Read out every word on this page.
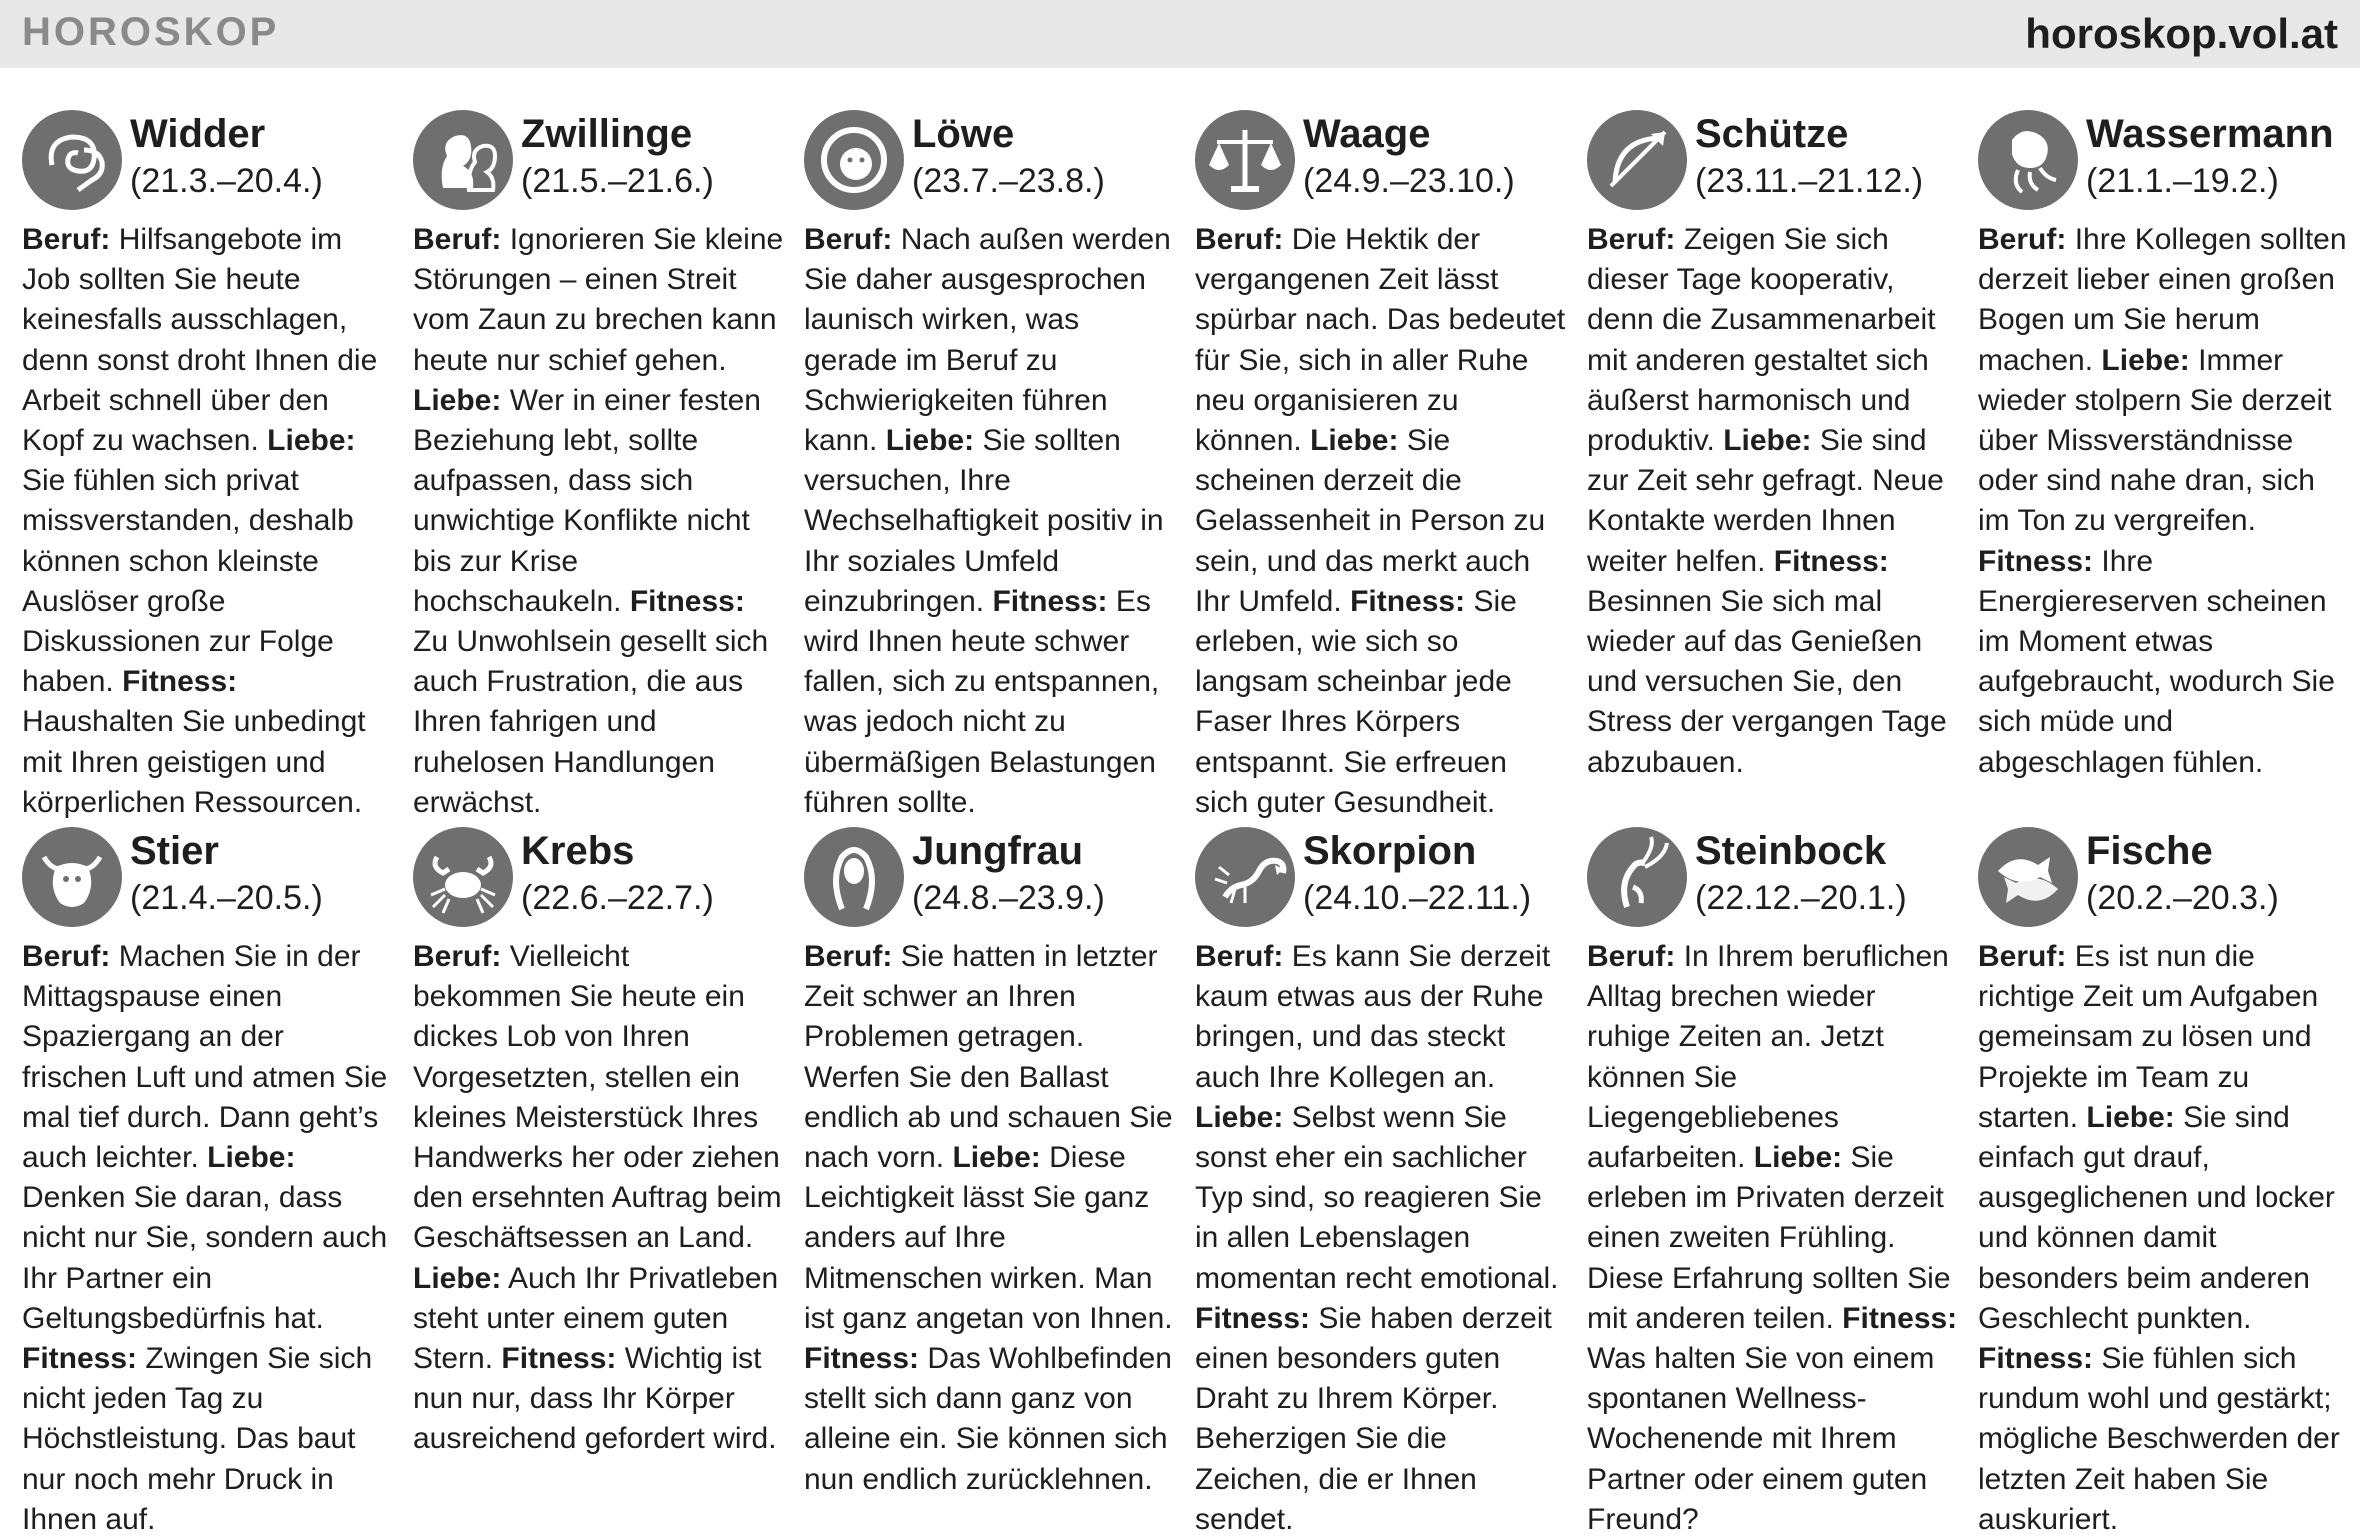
HOROSKOP	horoskop.vol.at
Widder
(21.3.–20.4.)
Beruf: Hilfsangebote im Job sollten Sie heute keinesfalls ausschlagen, denn sonst droht Ihnen die Arbeit schnell über den Kopf zu wachsen. Liebe: Sie fühlen sich privat missverstanden, deshalb können schon kleinste Auslöser große Diskussionen zur Folge haben. Fitness: Haushalten Sie unbedingt mit Ihren geistigen und körperlichen Ressourcen.
Zwillinge
(21.5.–21.6.)
Beruf: Ignorieren Sie kleine Störungen – einen Streit vom Zaun zu brechen kann heute nur schief gehen. Liebe: Wer in einer festen Beziehung lebt, sollte aufpassen, dass sich unwichtige Konflikte nicht bis zur Krise hochschaukeln. Fitness: Zu Unwohlsein gesellt sich auch Frustration, die aus Ihren fahrigen und ruhelosen Handlungen erwächst.
Löwe
(23.7.–23.8.)
Beruf: Nach außen werden Sie daher ausgesprochen launisch wirken, was gerade im Beruf zu Schwierigkeiten führen kann. Liebe: Sie sollten versuchen, Ihre Wechselhaftigkeit positiv in Ihr soziales Umfeld einzubringen. Fitness: Es wird Ihnen heute schwer fallen, sich zu entspannen, was jedoch nicht zu übermäßigen Belastungen führen sollte.
Waage
(24.9.–23.10.)
Beruf: Die Hektik der vergangenen Zeit lässt spürbar nach. Das bedeutet für Sie, sich in aller Ruhe neu organisieren zu können. Liebe: Sie scheinen derzeit die Gelassenheit in Person zu sein, und das merkt auch Ihr Umfeld. Fitness: Sie erleben, wie sich so langsam scheinbar jede Faser Ihres Körpers entspannt. Sie erfreuen sich guter Gesundheit.
Schütze
(23.11.–21.12.)
Beruf: Zeigen Sie sich dieser Tage kooperativ, denn die Zusammenarbeit mit anderen gestaltet sich äußerst harmonisch und produktiv. Liebe: Sie sind zur Zeit sehr gefragt. Neue Kontakte werden Ihnen weiter helfen. Fitness: Besinnen Sie sich mal wieder auf das Genießen und versuchen Sie, den Stress der vergangen Tage abzubauen.
Wassermann
(21.1.–19.2.)
Beruf: Ihre Kollegen sollten derzeit lieber einen großen Bogen um Sie herum machen. Liebe: Immer wieder stolpern Sie derzeit über Missverständnisse oder sind nahe dran, sich im Ton zu vergreifen. Fitness: Ihre Energiereserven scheinen im Moment etwas aufgebraucht, wodurch Sie sich müde und abgeschlagen fühlen.
Stier
(21.4.–20.5.)
Beruf: Machen Sie in der Mittagspause einen Spaziergang an der frischen Luft und atmen Sie mal tief durch. Dann geht’s auch leichter. Liebe: Denken Sie daran, dass nicht nur Sie, sondern auch Ihr Partner ein Geltungsbedürfnis hat. Fitness: Zwingen Sie sich nicht jeden Tag zu Höchstleistung. Das baut nur noch mehr Druck in Ihnen auf.
Krebs
(22.6.–22.7.)
Beruf: Vielleicht bekommen Sie heute ein dickes Lob von Ihren Vorgesetzten, stellen ein kleines Meisterstück Ihres Handwerks her oder ziehen den ersehnten Auftrag beim Geschäftsessen an Land. Liebe: Auch Ihr Privatleben steht unter einem guten Stern. Fitness: Wichtig ist nun nur, dass Ihr Körper ausreichend gefordert wird.
Jungfrau
(24.8.–23.9.)
Beruf: Sie hatten in letzter Zeit schwer an Ihren Problemen getragen. Werfen Sie den Ballast endlich ab und schauen Sie nach vorn. Liebe: Diese Leichtigkeit lässt Sie ganz anders auf Ihre Mitmenschen wirken. Man ist ganz angetan von Ihnen. Fitness: Das Wohlbefinden stellt sich dann ganz von alleine ein. Sie können sich nun endlich zurücklehnen.
Skorpion
(24.10.–22.11.)
Beruf: Es kann Sie derzeit kaum etwas aus der Ruhe bringen, und das steckt auch Ihre Kollegen an. Liebe: Selbst wenn Sie sonst eher ein sachlicher Typ sind, so reagieren Sie in allen Lebenslagen momentan recht emotional. Fitness: Sie haben derzeit einen besonders guten Draht zu Ihrem Körper. Beherzigen Sie die Zeichen, die er Ihnen sendet.
Steinbock
(22.12.–20.1.)
Beruf: In Ihrem beruflichen Alltag brechen wieder ruhige Zeiten an. Jetzt können Sie Liegengebliebenes aufarbeiten. Liebe: Sie erleben im Privaten derzeit einen zweiten Frühling. Diese Erfahrung sollten Sie mit anderen teilen. Fitness: Was halten Sie von einem spontanen Wellness-Wochenende mit Ihrem Partner oder einem guten Freund?
Fische
(20.2.–20.3.)
Beruf: Es ist nun die richtige Zeit um Aufgaben gemeinsam zu lösen und Projekte im Team zu starten. Liebe: Sie sind einfach gut drauf, ausgeglichenen und locker und können damit besonders beim anderen Geschlecht punkten. Fitness: Sie fühlen sich rundum wohl und gestärkt; mögliche Beschwerden der letzten Zeit haben Sie auskuriert.
